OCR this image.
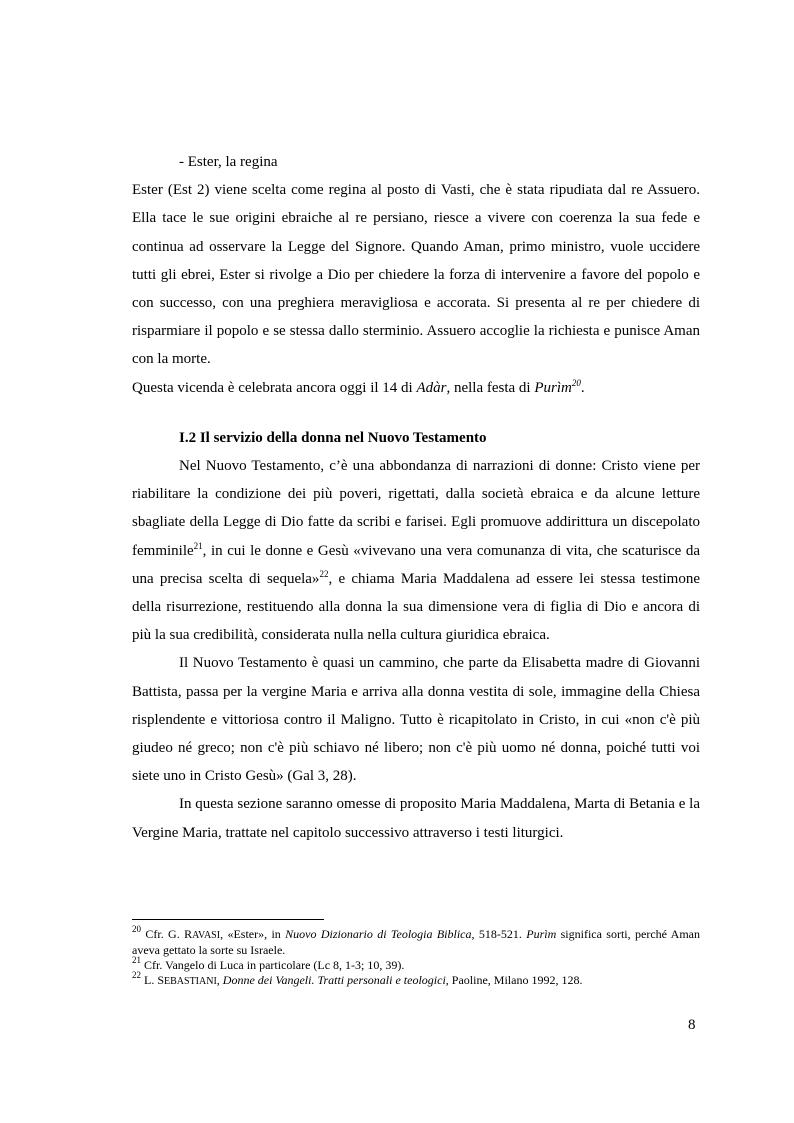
- Ester, la regina

Ester (Est 2) viene scelta come regina al posto di Vasti, che è stata ripudiata dal re Assuero. Ella tace le sue origini ebraiche al re persiano, riesce a vivere con coerenza la sua fede e continua ad osservare la Legge del Signore. Quando Aman, primo ministro, vuole uccidere tutti gli ebrei, Ester si rivolge a Dio per chiedere la forza di intervenire a favore del popolo e con successo, con una preghiera meravigliosa e accorata. Si presenta al re per chiedere di risparmiare il popolo e se stessa dallo sterminio. Assuero accoglie la richiesta e punisce Aman con la morte.

Questa vicenda è celebrata ancora oggi il 14 di Adàr, nella festa di Purìm$^{20}$.

I.2 Il servizio della donna nel Nuovo Testamento

Nel Nuovo Testamento, c’è una abbondanza di narrazioni di donne: Cristo viene per riabilitare la condizione dei più poveri, rigettati, dalla società ebraica e da alcune letture sbagliate della Legge di Dio fatte da scribi e farisei. Egli promuove addirittura un discepolato femminile$^{21}$, in cui le donne e Gesù «vivevano una vera comunanza di vita, che scaturisce da una precisa scelta di sequela»$^{22}$, e chiama Maria Maddalena ad essere lei stessa testimone della risurrezione, restituendo alla donna la sua dimensione vera di figlia di Dio e ancora di più la sua credibilità, considerata nulla nella cultura giuridica ebraica.

Il Nuovo Testamento è quasi un cammino, che parte da Elisabetta madre di Giovanni Battista, passa per la vergine Maria e arriva alla donna vestita di sole, immagine della Chiesa risplendente e vittoriosa contro il Maligno. Tutto è ricapitolato in Cristo, in cui «non c'è più giudeo né greco; non c'è più schiavo né libero; non c'è più uomo né donna, poiché tutti voi siete uno in Cristo Gesù» (Gal 3, 28).

In questa sezione saranno omesse di proposito Maria Maddalena, Marta di Betania e la Vergine Maria, trattate nel capitolo successivo attraverso i testi liturgici.

$^{20}$ Cfr. G. RAVASI, «Ester», in Nuovo Dizionario di Teologia Biblica, 518-521. Purìm significa sorti, perché Aman aveva gettato la sorte su Israele.

$^{21}$ Cfr. Vangelo di Luca in particolare (Lc 8, 1-3; 10, 39).

$^{22}$ L. SEBASTIANI, Donne dei Vangeli. Tratti personali e teologici, Paoline, Milano 1992, 128.

8
